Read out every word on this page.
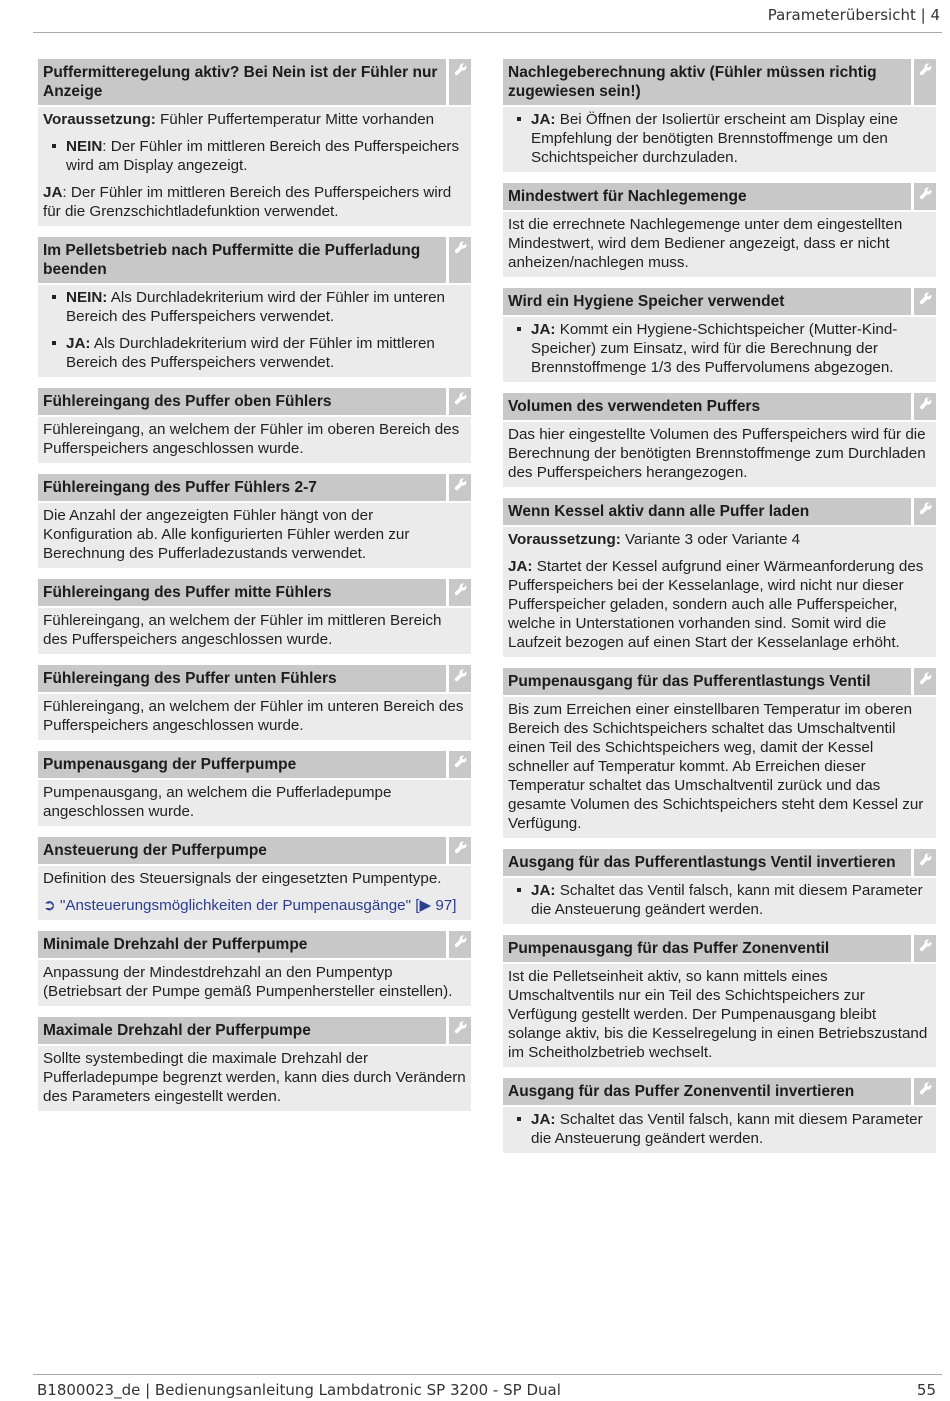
Parameterübersicht | 4
Puffermitteregelung aktiv? Bei Nein ist der Fühler nur Anzeige

Voraussetzung: Fühler Puffertemperatur Mitte vorhanden

NEIN: Der Fühler im mittleren Bereich des Pufferspeichers wird am Display angezeigt.

JA: Der Fühler im mittleren Bereich des Pufferspeichers wird für die Grenzschichtladefunktion verwendet.

Im Pelletsbetrieb nach Puffermitte die Pufferladung beenden
NEIN: Als Durchladekriterium wird der Fühler im unteren Bereich des Pufferspeichers verwendet.
JA: Als Durchladekriterium wird der Fühler im mittleren Bereich des Pufferspeichers verwendet.
Fühlereingang des Puffer oben Fühlers

Fühlereingang, an welchem der Fühler im oberen Bereich des Pufferspeichers angeschlossen wurde.

Fühlereingang des Puffer Fühlers 2-7

Die Anzahl der angezeigten Fühler hängt von der Konfiguration ab. Alle konfigurierten Fühler werden zur Berechnung des Pufferladezustands verwendet.

Fühlereingang des Puffer mitte Fühlers

Fühlereingang, an welchem der Fühler im mittleren Bereich des Pufferspeichers angeschlossen wurde.

Fühlereingang des Puffer unten Fühlers

Fühlereingang, an welchem der Fühler im unteren Bereich des Pufferspeichers angeschlossen wurde.

Pumpenausgang der Pufferpumpe

Pumpenausgang, an welchem die Pufferladepumpe angeschlossen wurde.

Ansteuerung der Pufferpumpe

Definition des Steuersignals der eingesetzten Pumpentype.

➲ "Ansteuerungsmöglichkeiten der Pumpenausgänge" [▶ 97]

Minimale Drehzahl der Pufferpumpe

Anpassung der Mindestdrehzahl an den Pumpentyp (Betriebsart der Pumpe gemäß Pumpenhersteller einstellen).

Maximale Drehzahl der Pufferpumpe

Sollte systembedingt die maximale Drehzahl der Pufferladepumpe begrenzt werden, kann dies durch Verändern des Parameters eingestellt werden.

Nachlegeberechnung aktiv (Fühler müssen richtig zugewiesen sein!)
JA: Bei Öffnen der Isoliertür erscheint am Display eine Empfehlung der benötigten Brennstoffmenge um den Schichtspeicher durchzuladen.
Mindestwert für Nachlegemenge

Ist die errechnete Nachlegemenge unter dem eingestellten Mindestwert, wird dem Bediener angezeigt, dass er nicht anheizen/nachlegen muss.

Wird ein Hygiene Speicher verwendet
JA: Kommt ein Hygiene-Schichtspeicher (Mutter-Kind-Speicher) zum Einsatz, wird für die Berechnung der Brennstoffmenge 1/3 des Puffervolumens abgezogen.
Volumen des verwendeten Puffers

Das hier eingestellte Volumen des Pufferspeichers wird für die Berechnung der benötigten Brennstoffmenge zum Durchladen des Pufferspeichers herangezogen.

Wenn Kessel aktiv dann alle Puffer laden

Voraussetzung: Variante 3 oder Variante 4

JA: Startet der Kessel aufgrund einer Wärmeanforderung des Pufferspeichers bei der Kesselanlage, wird nicht nur dieser Pufferspeicher geladen, sondern auch alle Pufferspeicher, welche in Unterstationen vorhanden sind. Somit wird die Laufzeit bezogen auf einen Start der Kesselanlage erhöht.

Pumpenausgang für das Pufferentlastungs Ventil

Bis zum Erreichen einer einstellbaren Temperatur im oberen Bereich des Schichtspeichers schaltet das Umschaltventil einen Teil des Schichtspeichers weg, damit der Kessel schneller auf Temperatur kommt. Ab Erreichen dieser Temperatur schaltet das Umschaltventil zurück und das gesamte Volumen des Schichtspeichers steht dem Kessel zur Verfügung.

Ausgang für das Pufferentlastungs Ventil invertieren
JA: Schaltet das Ventil falsch, kann mit diesem Parameter die Ansteuerung geändert werden.
Pumpenausgang für das Puffer Zonenventil

Ist die Pelletseinheit aktiv, so kann mittels eines Umschaltventils nur ein Teil des Schichtspeichers zur Verfügung gestellt werden. Der Pumpenausgang bleibt solange aktiv, bis die Kesselregelung in einen Betriebszustand im Scheitholzbetrieb wechselt.

Ausgang für das Puffer Zonenventil invertieren
JA: Schaltet das Ventil falsch, kann mit diesem Parameter die Ansteuerung geändert werden.
B1800023_de | Bedienungsanleitung Lambdatronic SP 3200 - SP Dual	55
